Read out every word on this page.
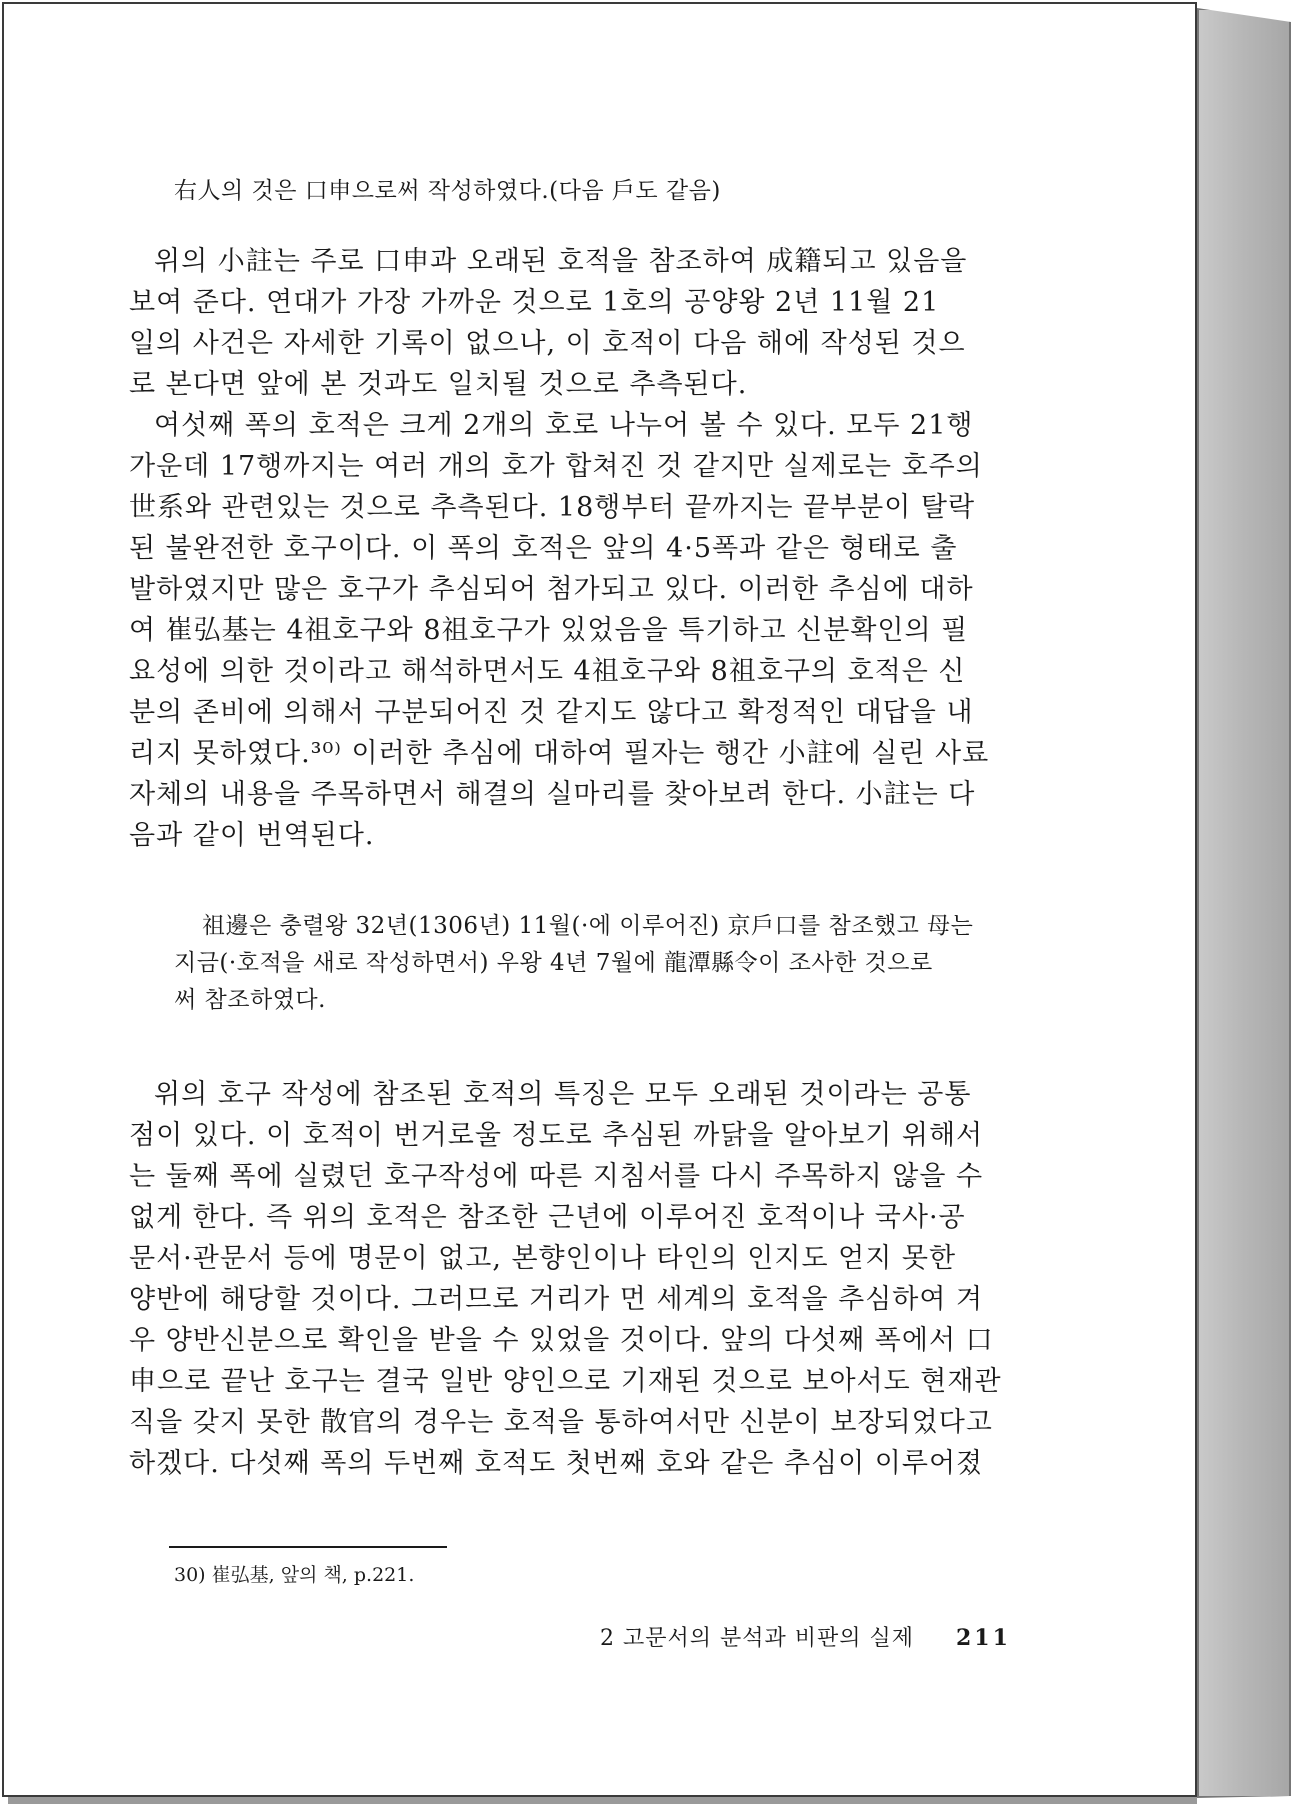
右人의 것은 口申으로써 작성하였다.(다음 戶도 같음)
위의 小註는 주로 口申과 오래된 호적을 참조하여 成籍되고 있음을
보여 준다. 연대가 가장 가까운 것으로 1호의 공양왕 2년 11월 21
일의 사건은 자세한 기록이 없으나, 이 호적이 다음 해에 작성된 것으
로 본다면 앞에 본 것과도 일치될 것으로 추측된다.
여섯째 폭의 호적은 크게 2개의 호로 나누어 볼 수 있다. 모두 21행
가운데 17행까지는 여러 개의 호가 합쳐진 것 같지만 실제로는 호주의
世系와 관련있는 것으로 추측된다. 18행부터 끝까지는 끝부분이 탈락
된 불완전한 호구이다. 이 폭의 호적은 앞의 4·5폭과 같은 형태로 출
발하였지만 많은 호구가 추심되어 첨가되고 있다. 이러한 추심에 대하
여 崔弘基는 4祖호구와 8祖호구가 있었음을 특기하고 신분확인의 필
요성에 의한 것이라고 해석하면서도 4祖호구와 8祖호구의 호적은 신
분의 존비에 의해서 구분되어진 것 같지도 않다고 확정적인 대답을 내
리지 못하였다.³⁰⁾ 이러한 추심에 대하여 필자는 행간 小註에 실린 사료
자체의 내용을 주목하면서 해결의 실마리를 찾아보려 한다. 小註는 다
음과 같이 번역된다.
祖邊은 충렬왕 32년(1306년) 11월(·에 이루어진) 京戶口를 참조했고 母는
지금(·호적을 새로 작성하면서) 우왕 4년 7월에 龍潭縣令이 조사한 것으로
써 참조하였다.
위의 호구 작성에 참조된 호적의 특징은 모두 오래된 것이라는 공통
점이 있다. 이 호적이 번거로울 정도로 추심된 까닭을 알아보기 위해서
는 둘째 폭에 실렸던 호구작성에 따른 지침서를 다시 주목하지 않을 수
없게 한다. 즉 위의 호적은 참조한 근년에 이루어진 호적이나 국사·공
문서·관문서 등에 명문이 없고, 본향인이나 타인의 인지도 얻지 못한
양반에 해당할 것이다. 그러므로 거리가 먼 세계의 호적을 추심하여 겨
우 양반신분으로 확인을 받을 수 있었을 것이다. 앞의 다섯째 폭에서 口
申으로 끝난 호구는 결국 일반 양인으로 기재된 것으로 보아서도 현재관
직을 갖지 못한 散官의 경우는 호적을 통하여서만 신분이 보장되었다고
하겠다. 다섯째 폭의 두번째 호적도 첫번째 호와 같은 추심이 이루어졌
30) 崔弘基, 앞의 책, p.221.
2 고문서의 분석과 비판의 실제 211
